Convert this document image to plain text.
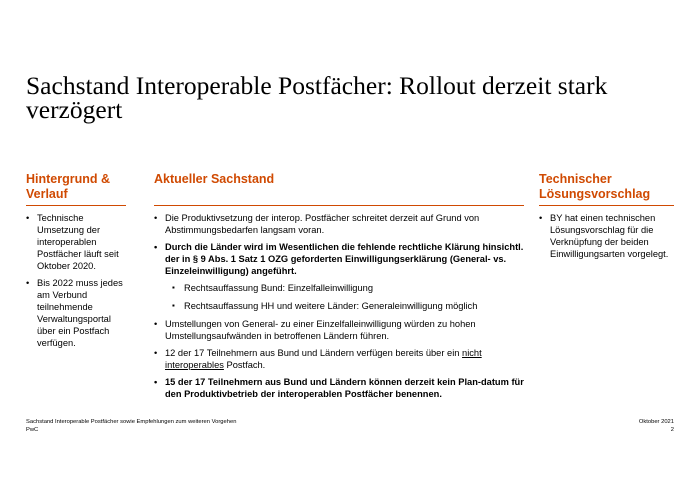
Sachstand Interoperable Postfächer: Rollout derzeit stark verzögert
Hintergrund & Verlauf
• Technische Umsetzung der interoperablen Postfächer läuft seit Oktober 2020.
• Bis 2022 muss jedes am Verbund teilnehmende Verwaltungsportal über ein Postfach verfügen.
Aktueller Sachstand
• Die Produktivsetzung der interop. Postfächer schreitet derzeit auf Grund von Abstimmungsbedarfen langsam voran.
• Durch die Länder wird im Wesentlichen die fehlende rechtliche Klärung hinsichtl. der in § 9 Abs. 1 Satz 1 OZG geforderten Einwilligungserklärung (General- vs. Einzeleinwilligung) angeführt.
▪ Rechtsauffassung Bund: Einzelfalleinwilligung
▪ Rechtsauffassung HH und weitere Länder: Generaleinwilligung möglich
• Umstellungen von General- zu einer Einzelfalleinwilligung würden zu hohen Umstellungsaufwänden in betroffenen Ländern führen.
• 12 der 17 Teilnehmern aus Bund und Ländern verfügen bereits über ein nicht interoperables Postfach.
• 15 der 17 Teilnehmern aus Bund und Ländern können derzeit kein Plan-datum für den Produktivbetrieb der interoperablen Postfächer benennen.
Technischer Lösungsvorschlag
• BY hat einen technischen Lösungsvorschlag für die Verknüpfung der beiden Einwilligungsarten vorgelegt.
Sachstand Interoperable Postfächer sowie Empfehlungen zum weiteren Vorgehen
PwC
Oktober 2021
2
